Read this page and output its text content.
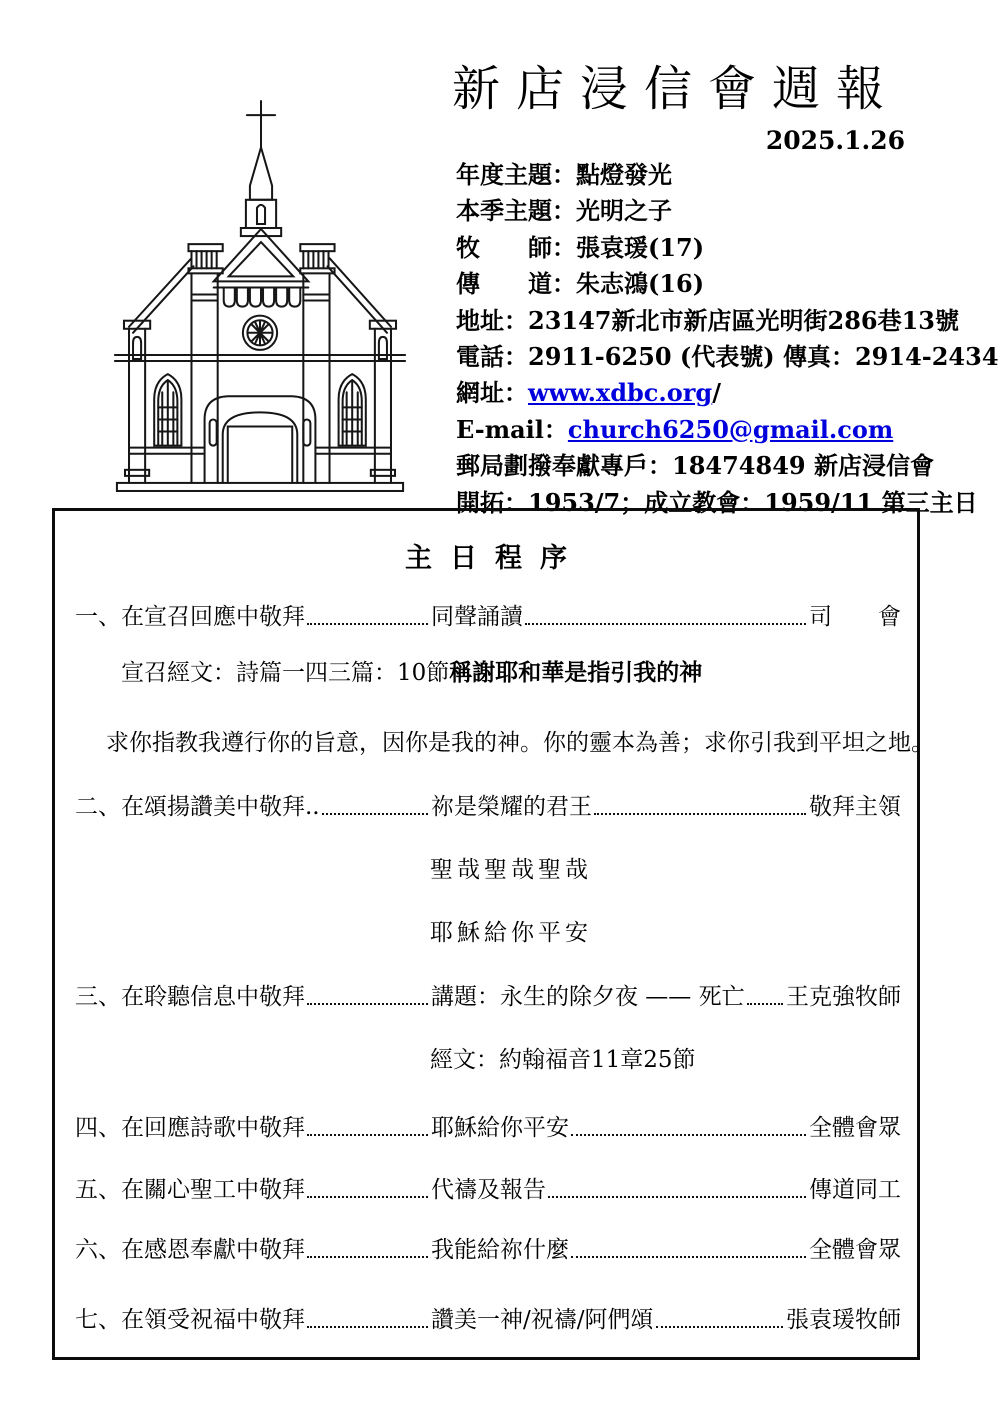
新店浸信會週報
2025.1.26
年度主題：點燈發光
本季主題：光明之子
牧　　師：張袁瑗(17)
傳　　道：朱志鴻(16)
地址：23147新北市新店區光明街286巷13號
電話：2911-6250 (代表號) 傳真：2914-2434
網址：www.xdbc.org/
E-mail：church6250@gmail.com
郵局劃撥奉獻專戶：18474849 新店浸信會
開拓：1953/7；成立教會：1959/11 第三主日
主日程序
一、在宣召回應中敬拜	同聲誦讀	司　　會
宣召經文：詩篇一四三篇：10節稱謝耶和華是指引我的神
求你指教我遵行你的旨意，因你是我的神。你的靈本為善；求你引我到平坦之地。
二、在頌揚讚美中敬拜..	祢是榮耀的君王	敬拜主領
聖哉聖哉聖哉
耶穌給你平安
三、在聆聽信息中敬拜	講題：永生的除夕夜 —— 死亡 王克強牧師
經文：約翰福音11章25節
四、在回應詩歌中敬拜	耶穌給你平安	全體會眾
五、在關心聖工中敬拜	代禱及報告	傳道同工
六、在感恩奉獻中敬拜	我能給祢什麼	全體會眾
七、在領受祝福中敬拜	讚美一神/祝禱/阿們頌	張袁瑗牧師
